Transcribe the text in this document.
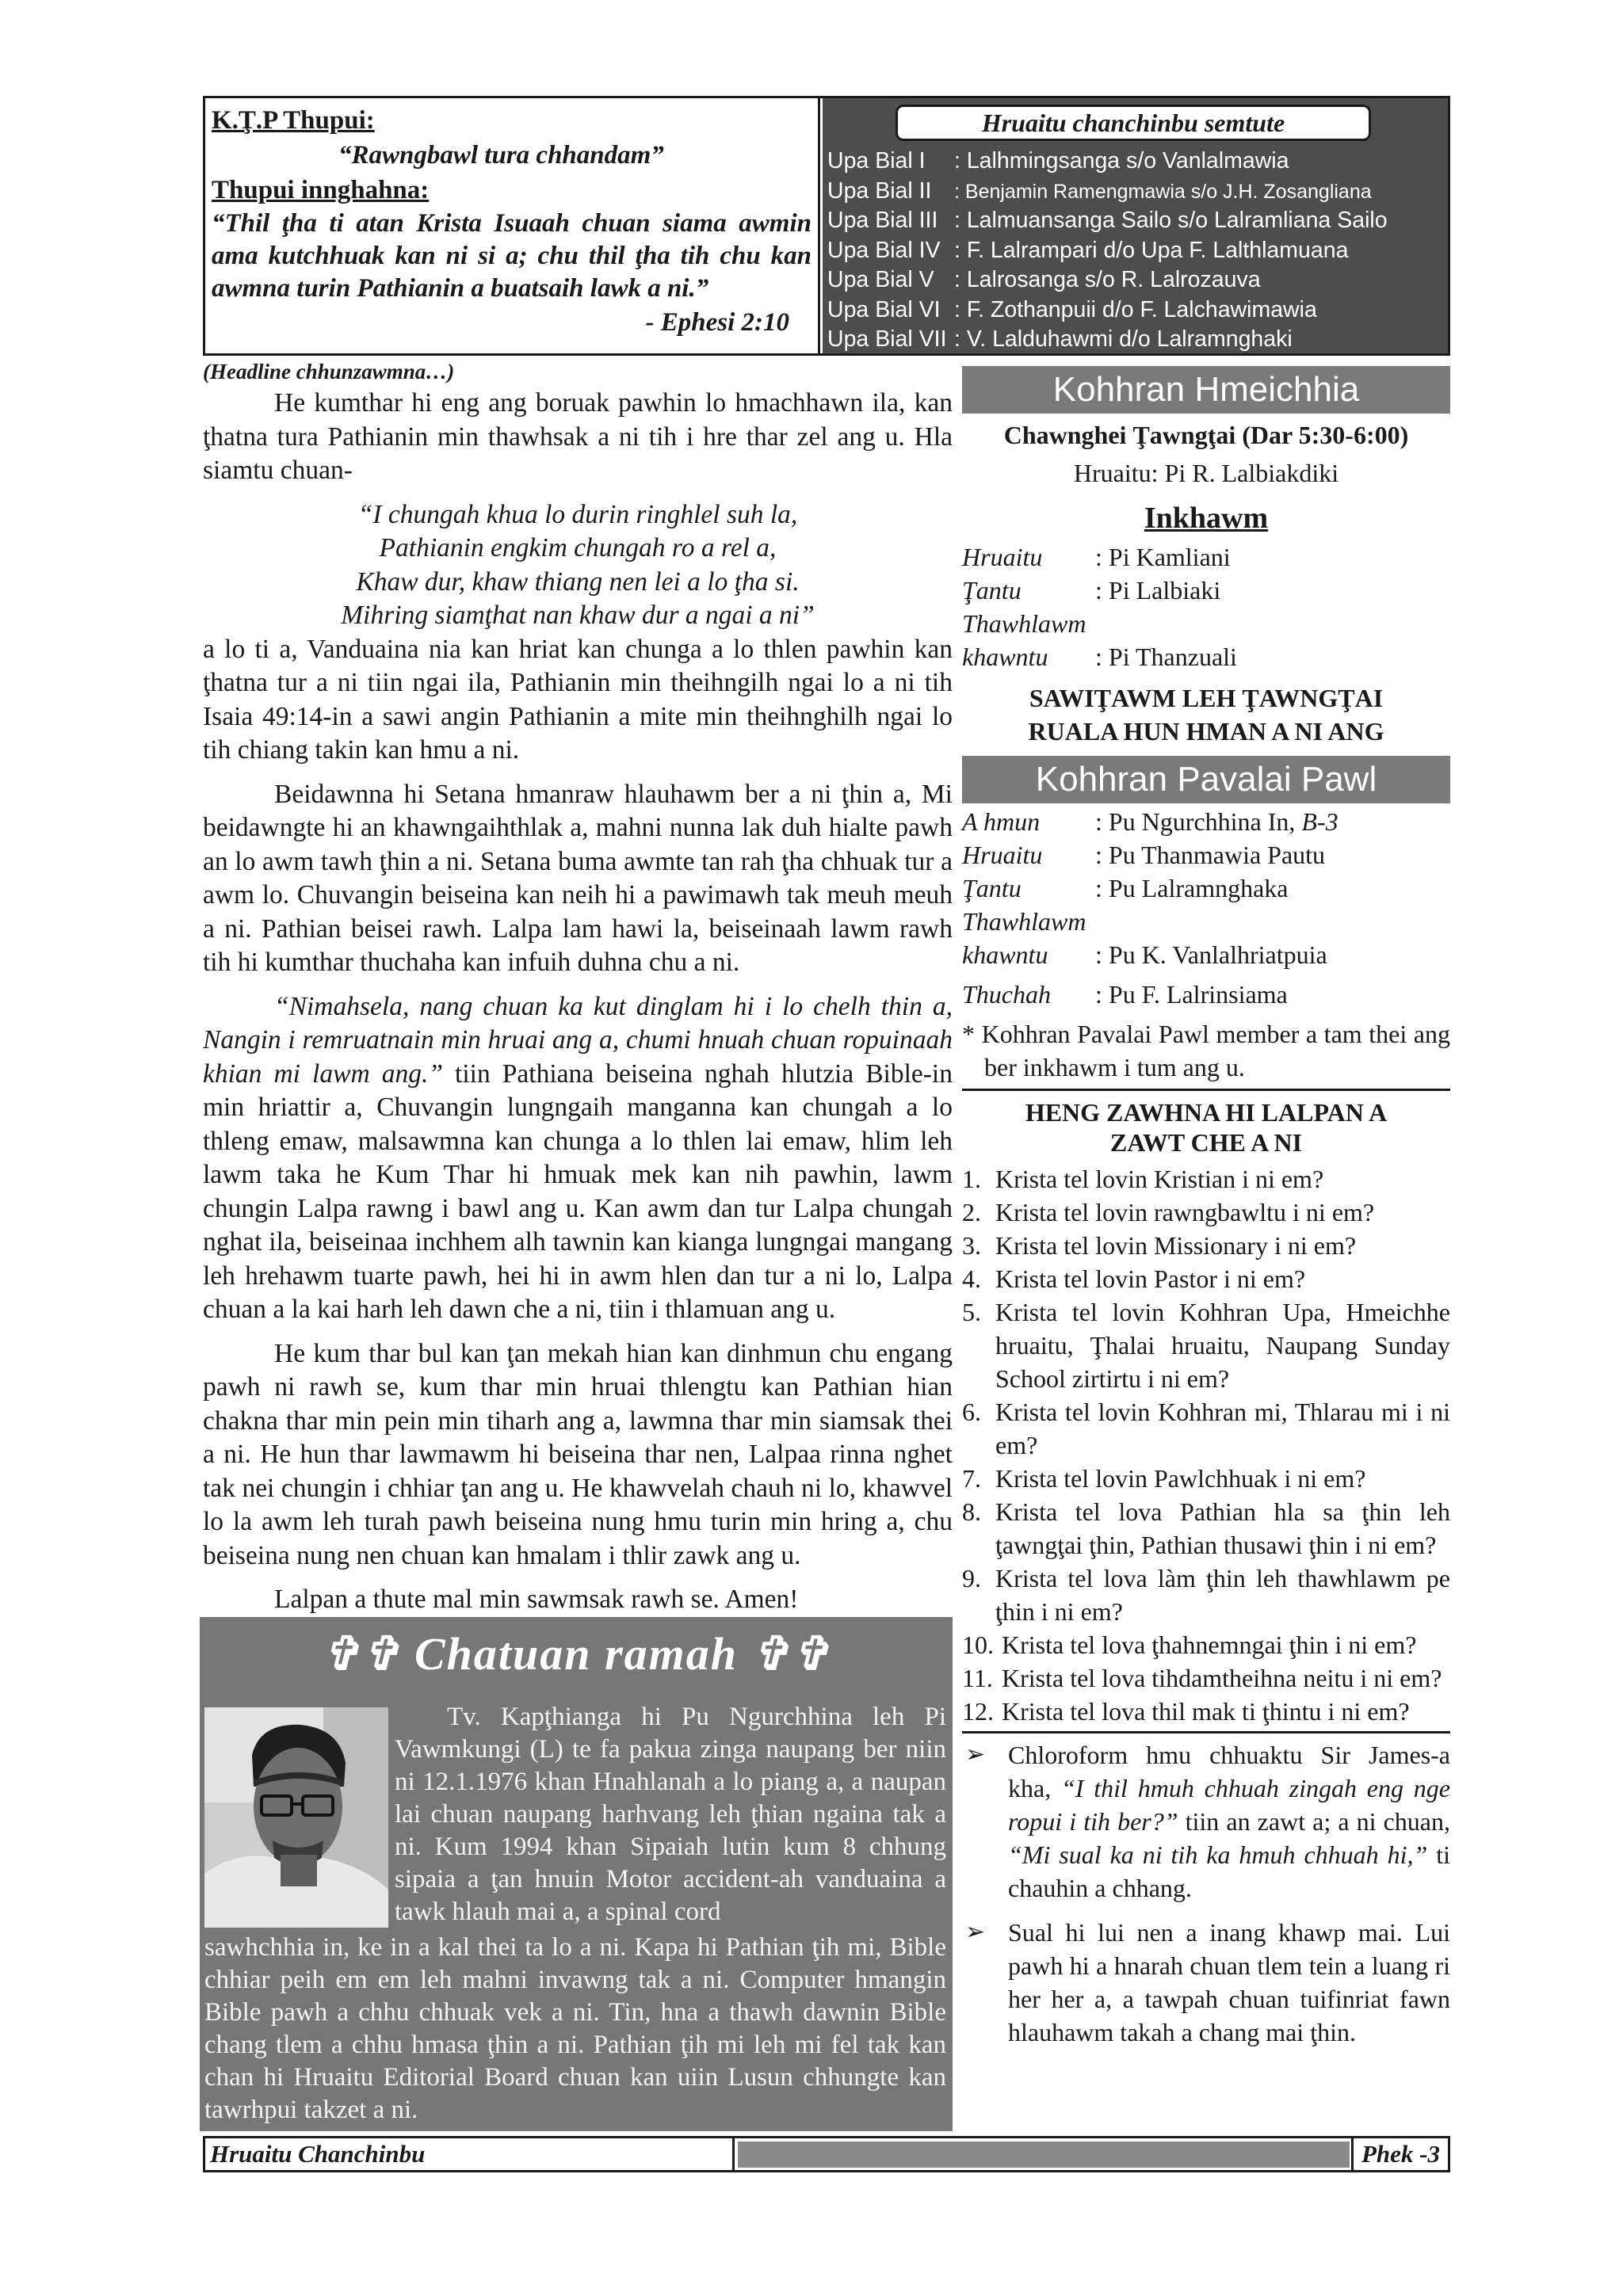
K.Ţ.P Thupui:
“Rawngbawl tura chhandam”
Thupui innghahna:
“Thil ţha ti atan Krista Isuaah chuan siama awmin ama kutchhuak kan ni si a; chu thil ţha tih chu kan awmna turin Pathianin a buatsaih lawk a ni.”
- Ephesi 2:10
Hruaitu chanchinbu semtute
Upa Bial I : Lalhmingsanga s/o Vanlalmawia
Upa Bial II : Benjamin Ramengmawia s/o J.H. Zosangliana
Upa Bial III : Lalmuansanga Sailo s/o Lalramliana Sailo
Upa Bial IV : F. Lalrampari d/o Upa F. Lalthlamuana
Upa Bial V : Lalrosanga s/o R. Lalrozauva
Upa Bial VI : F. Zothanpuii d/o F. Lalchawimawia
Upa Bial VII : V. Lalduhawmi d/o Lalramnghaki

(Headline chhunzawmna…)

He kumthar hi eng ang boruak pawhin lo hmachhawn ila, kan ţhatna tura Pathianin min thawhsak a ni tih i hre thar zel ang u. Hla siamtu chuan-

“I chungah khua lo durin ringhlel suh la,

Pathianin engkim chungah ro a rel a,

Khaw dur, khaw thiang nen lei a lo ţha si.

Mihring siamţhat nan khaw dur a ngai a ni”

a lo ti a, Vanduaina nia kan hriat kan chunga a lo thlen pawhin kan ţhatna tur a ni tiin ngai ila, Pathianin min theihngilh ngai lo a ni tih Isaia 49:14-in a sawi angin Pathianin a mite min theihnghilh ngai lo tih chiang takin kan hmu a ni.

Beidawnna hi Setana hmanraw hlauhawm ber a ni ţhin a, Mi beidawngte hi an khawngaihthlak a, mahni nunna lak duh hialte pawh an lo awm tawh ţhin a ni. Setana buma awmte tan rah ţha chhuak tur a awm lo. Chuvangin beiseina kan neih hi a pawimawh tak meuh meuh a ni. Pathian beisei rawh. Lalpa lam hawi la, beiseinaah lawm rawh tih hi kumthar thuchaha kan infuih duhna chu a ni.

“Nimahsela, nang chuan ka kut dinglam hi i lo chelh thin a, Nangin i remruatnain min hruai ang a, chumi hnuah chuan ropuinaah khian mi lawm ang.” tiin Pathiana beiseina nghah hlutzia Bible-in min hriattir a, Chuvangin lungngaih manganna kan chungah a lo thleng emaw, malsawmna kan chunga a lo thlen lai emaw, hlim leh lawm taka he Kum Thar hi hmuak mek kan nih pawhin, lawm chungin Lalpa rawng i bawl ang u. Kan awm dan tur Lalpa chungah nghat ila, beiseinaa inchhem alh tawnin kan kianga lungngai mangang leh hrehawm tuarte pawh, hei hi in awm hlen dan tur a ni lo, Lalpa chuan a la kai harh leh dawn che a ni, tiin i thlamuan ang u.

He kum thar bul kan ţan mekah hian kan dinhmun chu engang pawh ni rawh se, kum thar min hruai thlengtu kan Pathian hian chakna thar min pein min tiharh ang a, lawmna thar min siamsak thei a ni. He hun thar lawmawm hi beiseina thar nen, Lalpaa rinna nghet tak nei chungin i chhiar ţan ang u. He khawvelah chauh ni lo, khawvel lo la awm leh turah pawh beiseina nung hmu turin min hring a, chu beiseina nung nen chuan kan hmalam i thlir zawk ang u.

Lalpan a thute mal min sawmsak rawh se. Amen!

✞✞ Chatuan ramah ✞✞
Tv. Kapţhianga hi Pu Ngurchhina leh Pi Vawmkungi (L) te fa pakua zinga naupang ber niin ni 12.1.1976 khan Hnahlanah a lo piang a, a naupan lai chuan naupang harhvang leh ţhian ngaina tak a ni. Kum 1994 khan Sipaiah lutin kum 8 chhung sipaia a ţan hnuin Motor accident-ah vanduaina a tawk hlauh mai a, a spinal cord
sawhchhia in, ke in a kal thei ta lo a ni. Kapa hi Pathian ţih mi, Bible chhiar peih em em leh mahni invawng tak a ni. Computer hmangin Bible pawh a chhu chhuak vek a ni. Tin, hna a thawh dawnin Bible chang tlem a chhu hmasa ţhin a ni. Pathian ţih mi leh mi fel tak kan chan hi Hruaitu Editorial Board chuan kan uiin Lusun chhungte kan tawrhpui takzet a ni.
Kohhran Hmeichhia
Chawnghei Ţawngţai (Dar 5:30-6:00)
Hruaitu: Pi R. Lalbiakdiki
Inkhawm
Hruaitu	: Pi Kamliani
Ţantu	: Pi Lalbiaki
Thawhlawm
khawntu	: Pi Thanzuali
SAWIŢAWM LEH ŢAWNGŢAI
RUALA HUN HMAN A NI ANG
Kohhran Pavalai Pawl
A hmun	: Pu Ngurchhina In, B-3
Hruaitu	: Pu Thanmawia Pautu
Ţantu	: Pu Lalramnghaka
Thawhlawm
khawntu	: Pu K. Vanlalhriatpuia
Thuchah	: Pu F. Lalrinsiama
* Kohhran Pavalai Pawl member a tam thei ang ber inkhawm i tum ang u.
HENG ZAWHNA HI LALPAN A
ZAWT CHE A NI
1. Krista tel lovin Kristian i ni em?
2. Krista tel lovin rawngbawltu i ni em?
3. Krista tel lovin Missionary i ni em?
4. Krista tel lovin Pastor i ni em?
5. Krista tel lovin Kohhran Upa, Hmeichhe hruaitu, Ţhalai hruaitu, Naupang Sunday School zirtirtu i ni em?
6. Krista tel lovin Kohhran mi, Thlarau mi i ni em?
7. Krista tel lovin Pawlchhuak i ni em?
8. Krista tel lova Pathian hla sa ţhin leh ţawngţai ţhin, Pathian thusawi ţhin i ni em?
9. Krista tel lova làm ţhin leh thawhlawm pe ţhin i ni em?
10. Krista tel lova ţhahnemngai ţhin i ni em?
11. Krista tel lova tihdamtheihna neitu i ni em?
12. Krista tel lova thil mak ti ţhintu i ni em?
➢ Chloroform hmu chhuaktu Sir James-a kha, “I thil hmuh chhuah zingah eng nge ropui i tih ber?” tiin an zawt a; a ni chuan, “Mi sual ka ni tih ka hmuh chhuah hi,” ti chauhin a chhang.
➢ Sual hi lui nen a inang khawp mai. Lui pawh hi a hnarah chuan tlem tein a luang ri her her a, a tawpah chuan tuifinriat fawn hlauhawm takah a chang mai ţhin.
Hruaitu Chanchinbu	Phek -3
